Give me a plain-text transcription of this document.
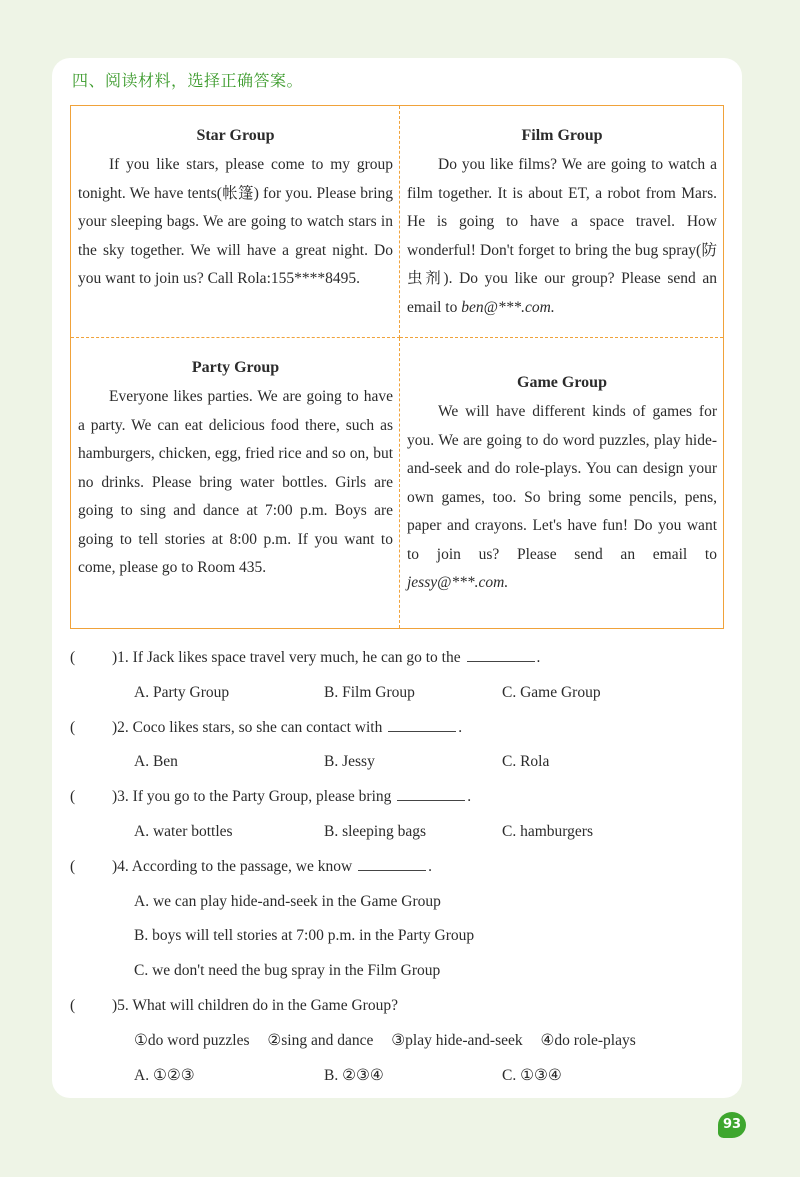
四、阅读材料，选择正确答案。
Star Group

If you like stars, please come to my group tonight. We have tents(帐篷) for you. Please bring your sleeping bags. We are going to watch stars in the sky together. We will have a great night. Do you want to join us? Call Rola:155****8495.

Film Group

Do you like films? We are going to watch a film together. It is about ET, a robot from Mars. He is going to have a space travel. How wonderful! Don't forget to bring the bug spray(防虫剂). Do you like our group? Please send an email to ben@***.com.

Party Group

Everyone likes parties. We are going to have a party. We can eat delicious food there, such as hamburgers, chicken, egg, fried rice and so on, but no drinks. Please bring water bottles. Girls are going to sing and dance at 7:00 p.m. Boys are going to tell stories at 8:00 p.m. If you want to come, please go to Room 435.

Game Group

We will have different kinds of games for you. We are going to do word puzzles, play hide-and-seek and do role-plays. You can design your own games, too. So bring some pencils, pens, paper and crayons. Let's have fun! Do you want to join us? Please send an email to jessy@***.com.

( )1. If Jack likes space travel very much, he can go to the	.
A. Party Group	B. Film Group	C. Game Group
( )2. Coco likes stars, so she can contact with	.
A. Ben	B. Jessy	C. Rola
( )3. If you go to the Party Group, please bring	.
A. water bottles	B. sleeping bags	C. hamburgers
( )4. According to the passage, we know	.
A. we can play hide-and-seek in the Game Group
B. boys will tell stories at 7:00 p.m. in the Party Group
C. we don't need the bug spray in the Film Group
( )5. What will children do in the Game Group?
①do word puzzles ②sing and dance ③play hide-and-seek ④do role-plays
A. ①②③	B. ②③④	C. ①③④
93
